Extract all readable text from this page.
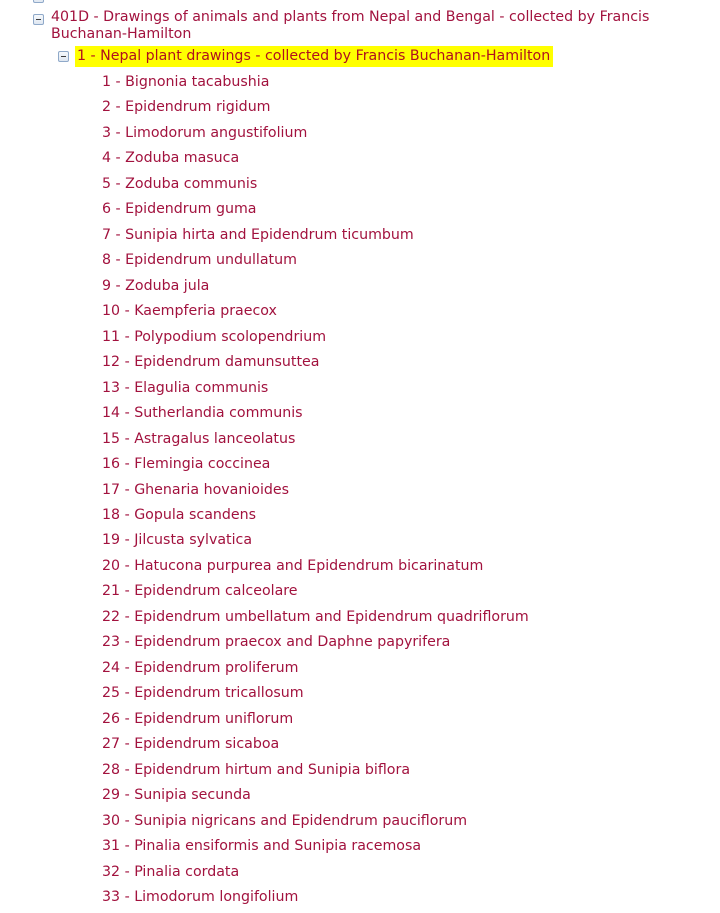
401D - Drawings of animals and plants from Nepal and Bengal - collected by Francis Buchanan-Hamilton
1 - Nepal plant drawings - collected by Francis Buchanan-Hamilton
1 - Bignonia tacabushia
2 - Epidendrum rigidum
3 - Limodorum angustifolium
4 - Zoduba masuca
5 - Zoduba communis
6 - Epidendrum guma
7 - Sunipia hirta and Epidendrum ticumbum
8 - Epidendrum undullatum
9 - Zoduba jula
10 - Kaempferia praecox
11 - Polypodium scolopendrium
12 - Epidendrum damunsuttea
13 - Elagulia communis
14 - Sutherlandia communis
15 - Astragalus lanceolatus
16 - Flemingia coccinea
17 - Ghenaria hovanioides
18 - Gopula scandens
19 - Jilcusta sylvatica
20 - Hatucona purpurea and Epidendrum bicarinatum
21 - Epidendrum calceolare
22 - Epidendrum umbellatum and Epidendrum quadriflorum
23 - Epidendrum praecox and Daphne papyrifera
24 - Epidendrum proliferum
25 - Epidendrum tricallosum
26 - Epidendrum uniflorum
27 - Epidendrum sicaboa
28 - Epidendrum hirtum and Sunipia biflora
29 - Sunipia secunda
30 - Sunipia nigricans and Epidendrum pauciflorum
31 - Pinalia ensiformis and Sunipia racemosa
32 - Pinalia cordata
33 - Limodorum longifolium
